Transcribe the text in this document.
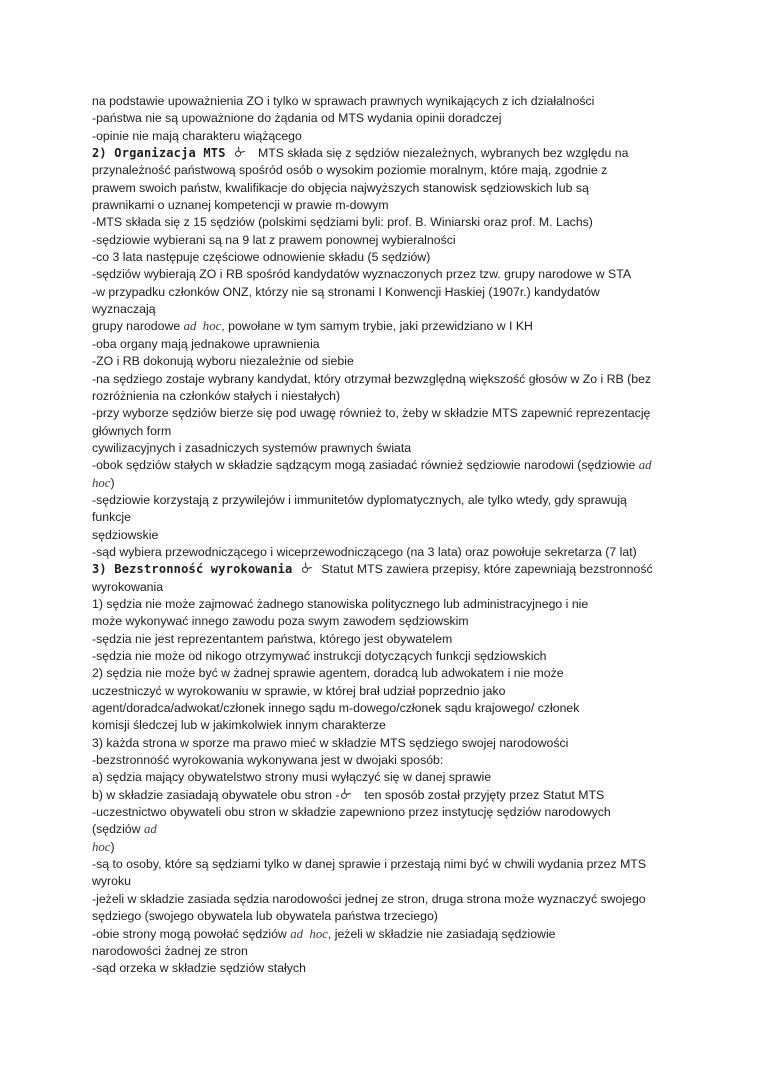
na podstawie upoważnienia ZO i tylko w sprawach prawnych wynikających z ich działalności
-państwa nie są upoważnione do żądania od MTS wydania opinii doradczej
-opinie nie mają charakteru wiążącego
2) Organizacja MTS ♉    MTS składa się z sędziów niezależnych, wybranych bez względu na
przynależność państwową spośród osób o wysokim poziomie moralnym, które mają, zgodnie z
prawem swoich państw, kwalifikacje do objęcia najwyższych stanowisk sędziowskich lub są
prawnikami o uznanej kompetencji w prawie m-dowym
-MTS składa się z 15 sędziów (polskimi sędziami byli: prof. B. Winiarski oraz prof. M. Lachs)
-sędziowie wybierani są na 9 lat z prawem ponownej wybieralności
-co 3 lata następuje częściowe odnowienie składu (5 sędziów)
-sędziów wybierają ZO i RB spośród kandydatów wyznaczonych przez tzw. grupy narodowe w STA
-w przypadku członków ONZ, którzy nie są stronami I Konwencji Haskiej (1907r.) kandydatów
wyznaczają
grupy narodowe ad  hoc, powołane w tym samym trybie, jaki przewidziano w I KH
-oba organy mają jednakowe uprawnienia
-ZO i RB dokonują wyboru niezależnie od siebie
-na sędziego zostaje wybrany kandydat, który otrzymał bezwzględną większość głosów w Zo i RB (bez
rozróżnienia na członków stałych i niestałych)
-przy wyborze sędziów bierze się pod uwagę również to, żeby w składzie MTS zapewnić reprezentację
głównych form
cywilizacyjnych i zasadniczych systemów prawnych świata
-obok sędziów stałych w składzie sądzącym mogą zasiadać również sędziowie narodowi (sędziowie ad
hoc)
-sędziowie korzystają z przywilejów i immunitetów dyplomatycznych, ale tylko wtedy, gdy sprawują
funkcje
sędziowskie
-sąd wybiera przewodniczącego i wiceprzewodniczącego (na 3 lata) oraz powołuje sekretarza (7 lat)
3) Bezstronność wyrokowania ♉   Statut MTS zawiera przepisy, które zapewniają bezstronność
wyrokowania
1) sędzia nie może zajmować żadnego stanowiska politycznego lub administracyjnego i nie
może wykonywać innego zawodu poza swym zawodem sędziowskim
-sędzia nie jest reprezentantem państwa, którego jest obywatelem
-sędzia nie może od nikogo otrzymywać instrukcji dotyczących funkcji sędziowskich
2) sędzia nie może być w żadnej sprawie agentem, doradcą lub adwokatem i nie może
uczestniczyć w wyrokowaniu w sprawie, w której brał udział poprzednio jako
agent/doradca/adwokat/członek innego sądu m-dowego/członek sądu krajowego/ członek
komisji śledczej lub w jakimkolwiek innym charakterze
3) każda strona w sporze ma prawo mieć w składzie MTS sędziego swojej narodowości
-bezstronność wyrokowania wykonywana jest w dwojaki sposób:
a) sędzia mający obywatelstwo strony musi wyłączyć się w danej sprawie
b) w składzie zasiadają obywatele obu stron -♉    ten sposób został przyjęty przez Statut MTS
-uczestnictwo obywateli obu stron w składzie zapewniono przez instytucję sędziów narodowych
(sędziów ad
hoc)
-są to osoby, które są sędziami tylko w danej sprawie i przestają nimi być w chwili wydania przez MTS
wyroku
-jeżeli w składzie zasiada sędzia narodowości jednej ze stron, druga strona może wyznaczyć swojego
sędziego (swojego obywatela lub obywatela państwa trzeciego)
-obie strony mogą powołać sędziów ad  hoc, jeżeli w składzie nie zasiadają sędziowie
narodowości żadnej ze stron
-sąd orzeka w składzie sędziów stałych
